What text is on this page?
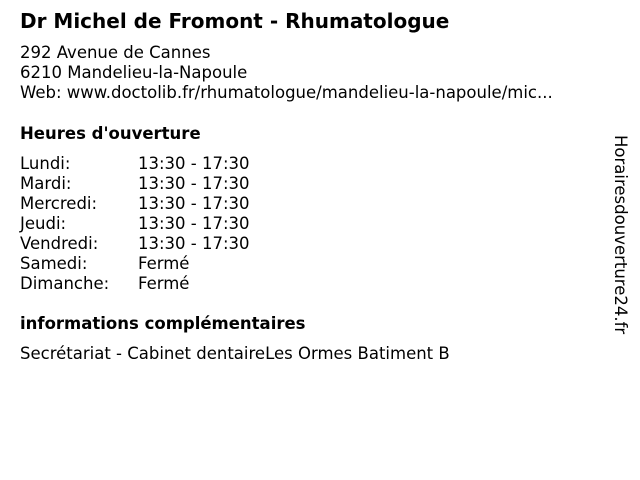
Dr Michel de Fromont - Rhumatologue
292 Avenue de Cannes
6210 Mandelieu-la-Napoule
Web: www.doctolib.fr/rhumatologue/mandelieu-la-napoule/mic...
Heures d'ouverture
Lundi:	13:30 - 17:30
Mardi:	13:30 - 17:30
Mercredi:	13:30 - 17:30
Jeudi:	13:30 - 17:30
Vendredi:	13:30 - 17:30
Samedi:	Fermé
Dimanche:	Fermé
informations complémentaires
Secrétariat - Cabinet dentaireLes Ormes Batiment B
Horairesdouverture24.fr
